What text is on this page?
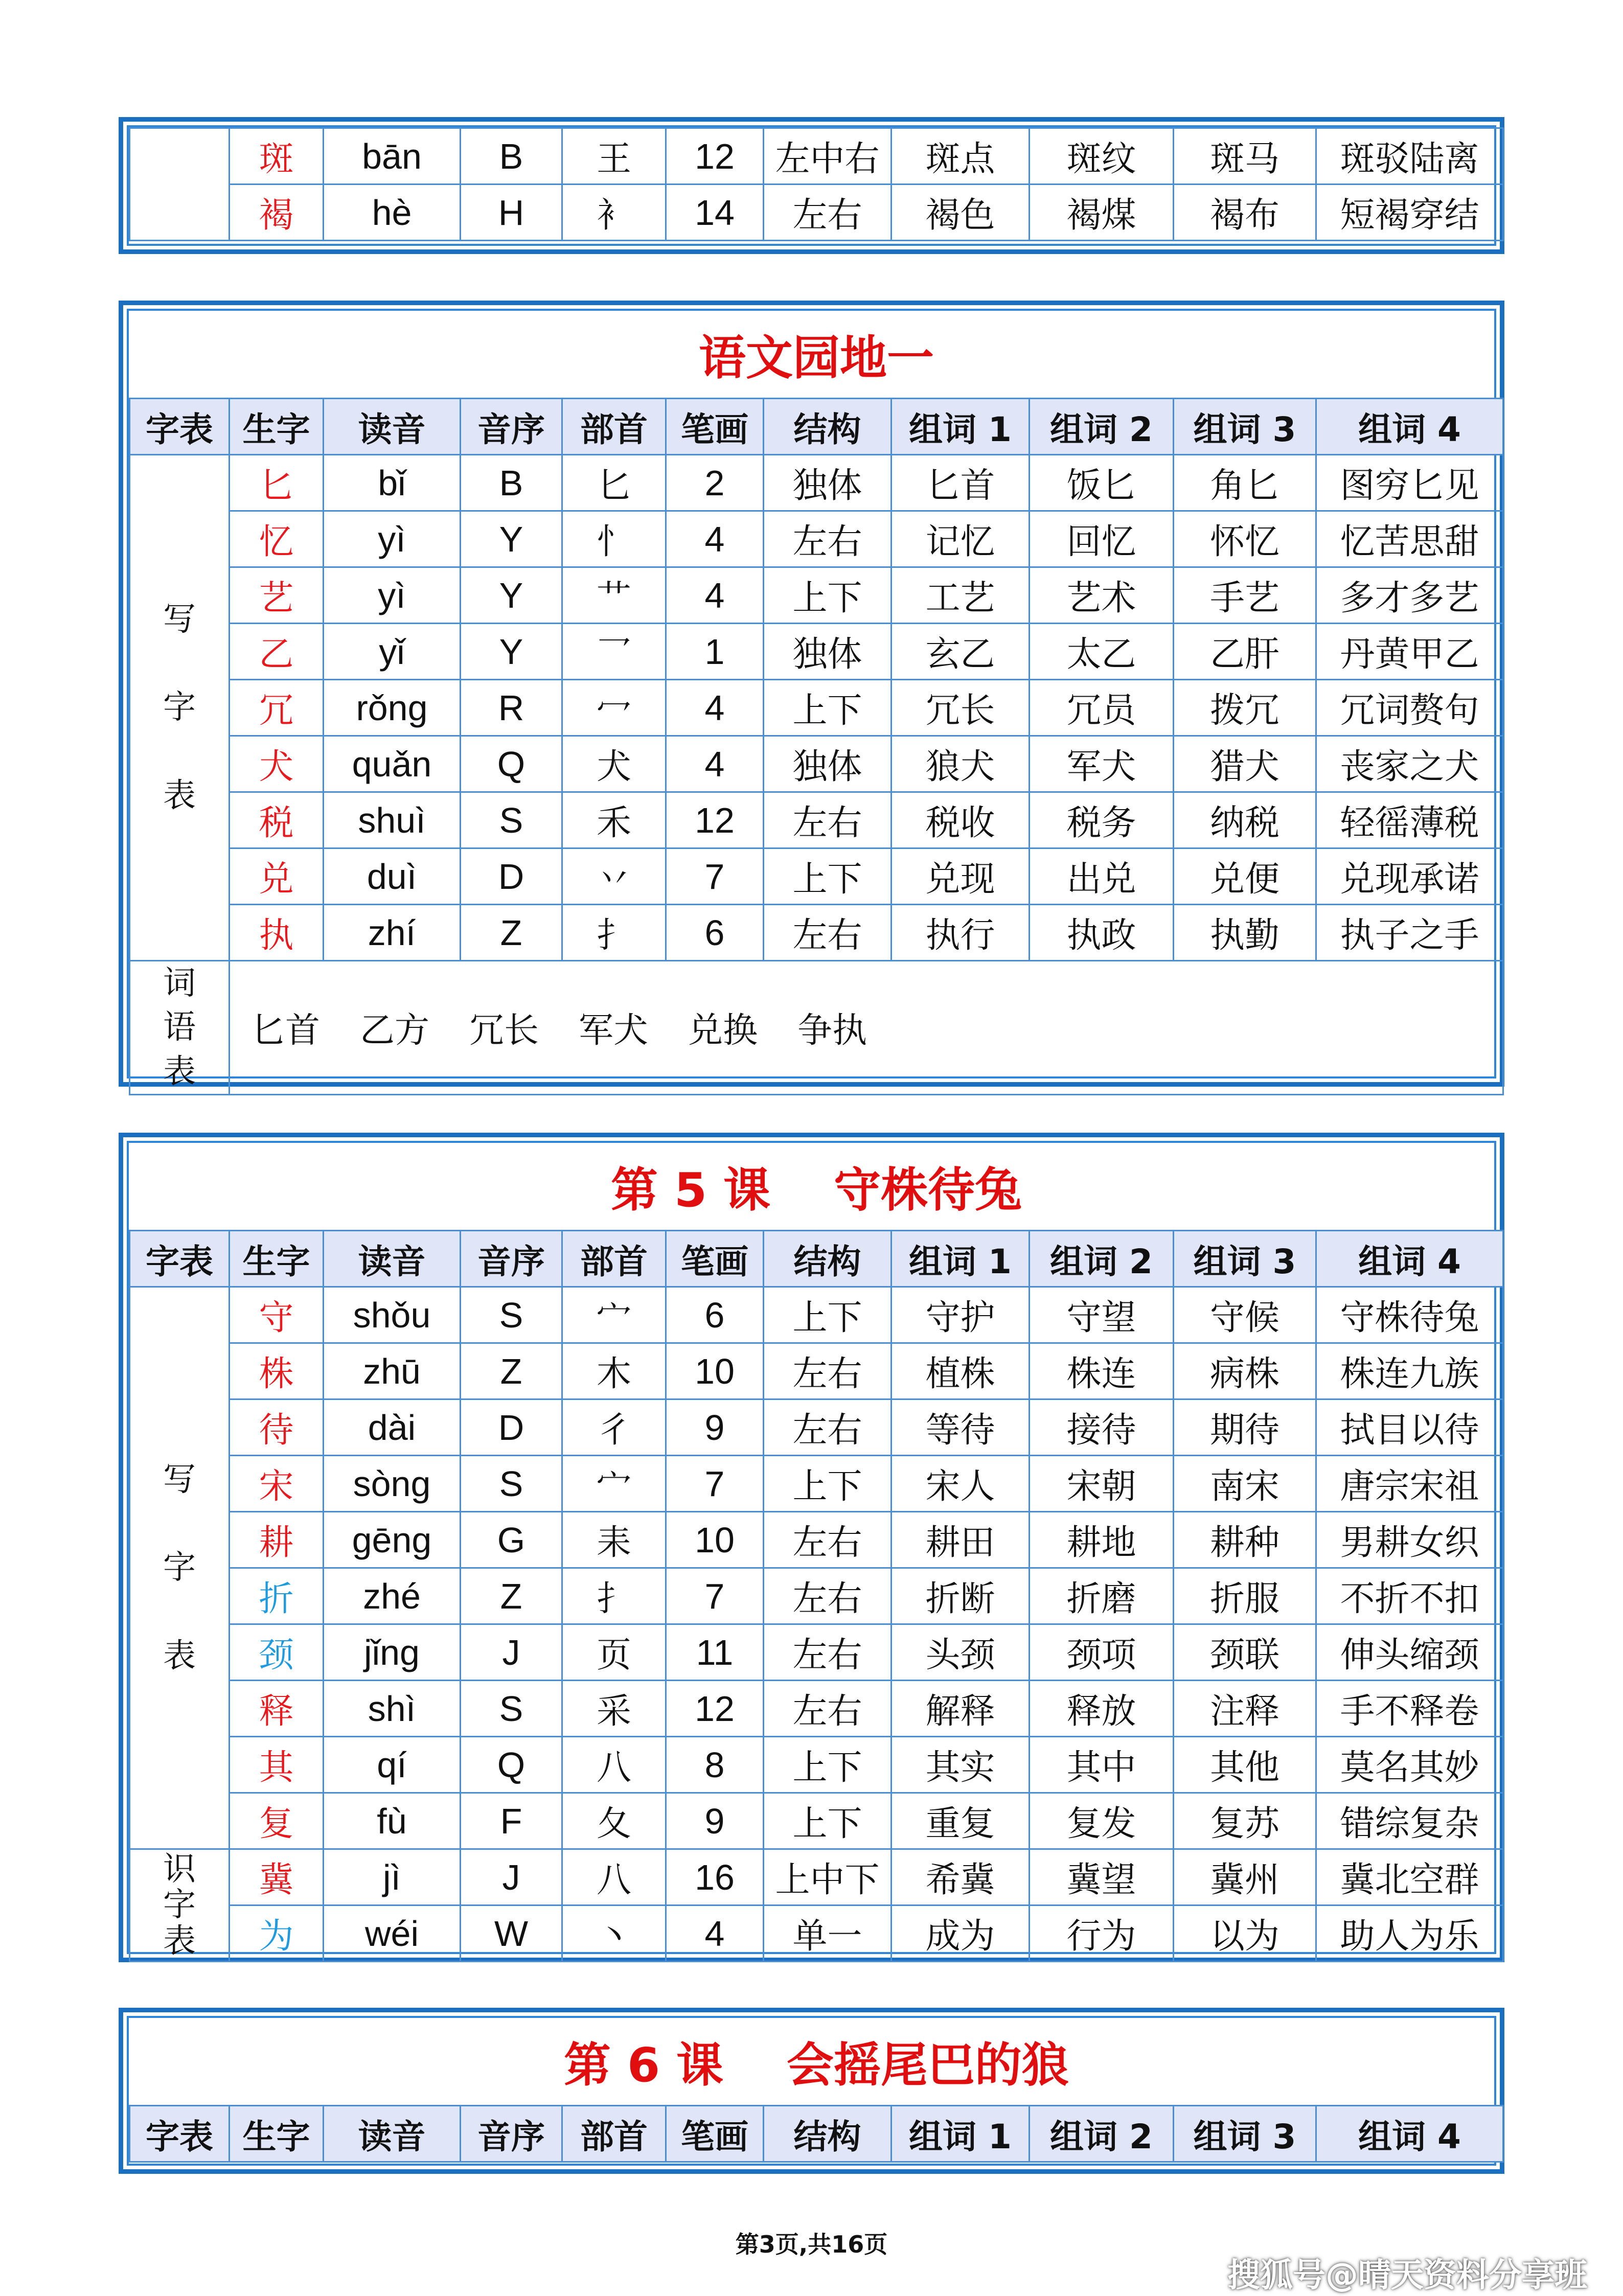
	斑	bān	B	王	12	左中右	斑点	斑纹	斑马	斑驳陆离
	褐	hè	H	衤	14	左右	褐色	褐煤	褐布	短褐穿结
语文园地一										
字表	生字	读音	音序	部首	笔画	结构	组词 1	组词 2	组词 3	组词 4
写

字

表	匕	bǐ	B	匕	2	独体	匕首	饭匕	角匕	图穷匕见
	忆	yì	Y	忄	4	左右	记忆	回忆	怀忆	忆苦思甜
	艺	yì	Y	艹	4	上下	工艺	艺术	手艺	多才多艺
	乙	yǐ	Y	乛	1	独体	玄乙	太乙	乙肝	丹黄甲乙
	冗	rǒng	R	冖	4	上下	冗长	冗员	拨冗	冗词赘句
	犬	quǎn	Q	犬	4	独体	狼犬	军犬	猎犬	丧家之犬
	税	shuì	S	禾	12	左右	税收	税务	纳税	轻徭薄税
	兑	duì	D	丷	7	上下	兑现	出兑	兑便	兑现承诺
	执	zhí	Z	扌	6	左右	执行	执政	执勤	执子之手
词
语
表	匕首 乙方 冗长 军犬 兑换 争执									
第 5 课　 守株待兔										
字表	生字	读音	音序	部首	笔画	结构	组词 1	组词 2	组词 3	组词 4
写

字

表	守	shǒu	S	宀	6	上下	守护	守望	守候	守株待兔
	株	zhū	Z	木	10	左右	植株	株连	病株	株连九族
	待	dài	D	彳	9	左右	等待	接待	期待	拭目以待
	宋	sòng	S	宀	7	上下	宋人	宋朝	南宋	唐宗宋祖
	耕	gēng	G	耒	10	左右	耕田	耕地	耕种	男耕女织
	折	zhé	Z	扌	7	左右	折断	折磨	折服	不折不扣
	颈	jǐng	J	页	11	左右	头颈	颈项	颈联	伸头缩颈
	释	shì	S	采	12	左右	解释	释放	注释	手不释卷
	其	qí	Q	八	8	上下	其实	其中	其他	莫名其妙
	复	fù	F	夂	9	上下	重复	复发	复苏	错综复杂
识
字
表	冀	jì	J	八	16	上中下	希冀	冀望	冀州	冀北空群
	为	wéi	W	丶	4	单一	成为	行为	以为	助人为乐
第 6 课　 会摇尾巴的狼
字表	生字	读音	音序	部首	笔画	结构	组词 1	组词 2	组词 3	组词 4
第3页,共16页
搜狐号@晴天资料分享班
